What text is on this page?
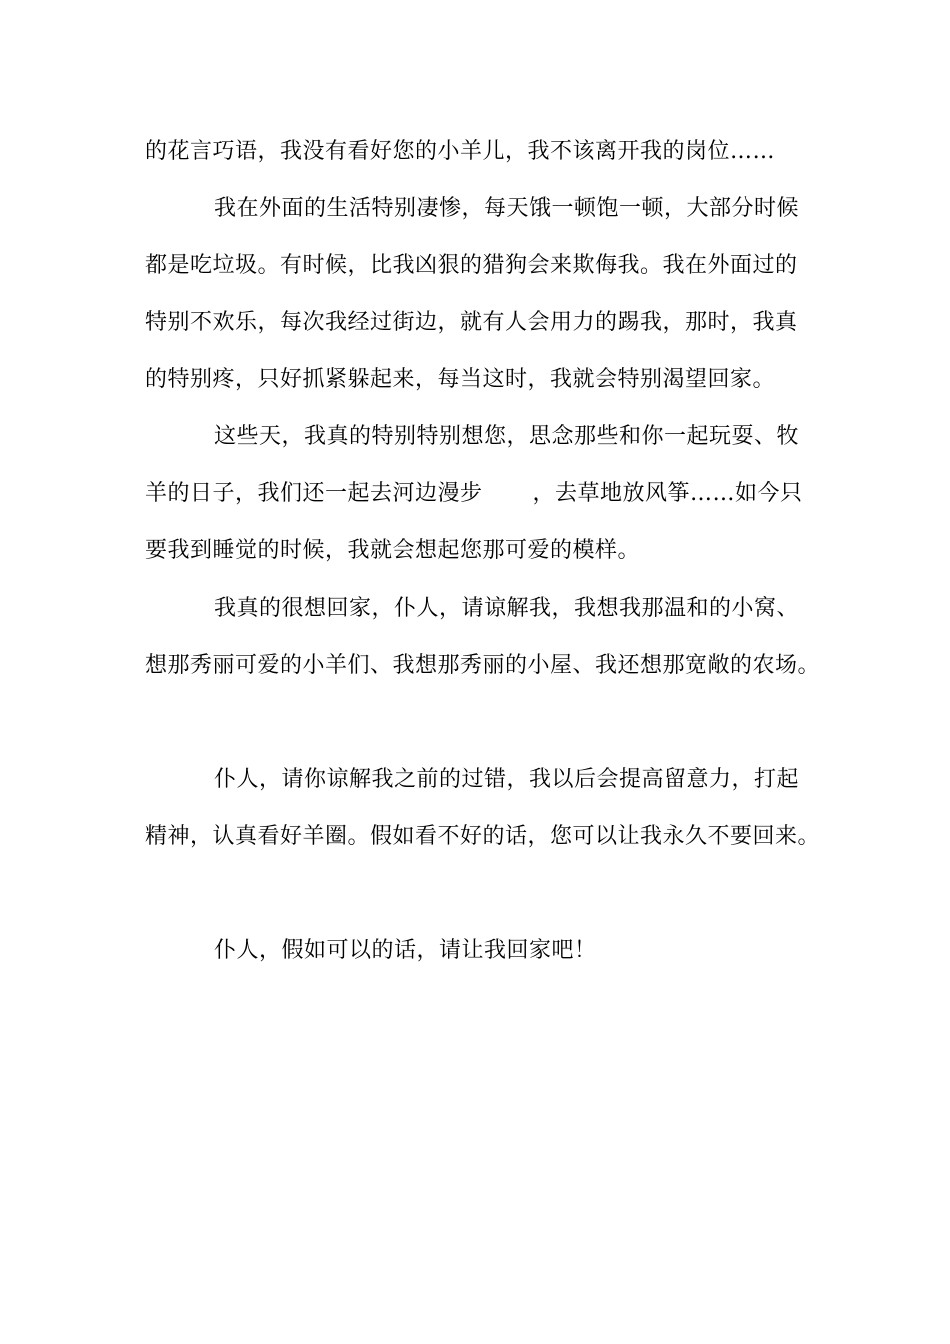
的花言巧语，我没有看好您的小羊儿，我不该离开我的岗位……
我在外面的生活特别凄惨，每天饿一顿饱一顿，大部分时候
都是吃垃圾。有时候，比我凶狠的猎狗会来欺侮我。我在外面过的
特别不欢乐，每次我经过街边，就有人会用力的踢我，那时，我真
的特别疼，只好抓紧躲起来，每当这时，我就会特别渴望回家。
这些天，我真的特别特别想您，思念那些和你一起玩耍、牧
羊的日子，我们还一起去河边漫步 ，去草地放风筝……如今只
要我到睡觉的时候，我就会想起您那可爱的模样。
我真的很想回家，仆人，请谅解我，我想我那温和的小窝、
想那秀丽可爱的小羊们、我想那秀丽的小屋、我还想那宽敞的农场。
仆人，请你谅解我之前的过错，我以后会提高留意力，打起
精神，认真看好羊圈。假如看不好的话，您可以让我永久不要回来。
仆人，假如可以的话，请让我回家吧！
